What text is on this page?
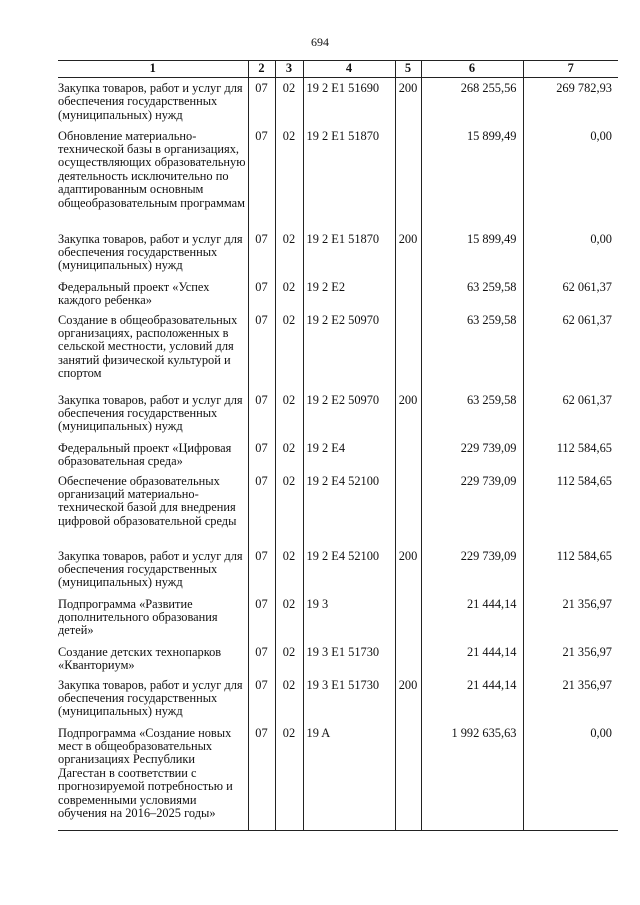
694
1	2	3	4	5	6	7
Закупка товаров, работ и услуг для обеспечения государственных (муниципальных) нужд	07	02	19 2 E1 51690	200	268 255,56	269 782,93
Обновление материально-технической базы в организациях, осуществляющих образовательную деятельность исключительно по адаптированным основным общеобразовательным программам	07	02	19 2 E1 51870		15 899,49	0,00
Закупка товаров, работ и услуг для обеспечения государственных (муниципальных) нужд	07	02	19 2 E1 51870	200	15 899,49	0,00
Федеральный проект «Успех каждого ребенка»	07	02	19 2 E2		63 259,58	62 061,37
Создание в общеобразовательных организациях, расположенных в сельской местности, условий для занятий физической культурой и спортом	07	02	19 2 E2 50970		63 259,58	62 061,37
Закупка товаров, работ и услуг для обеспечения государственных (муниципальных) нужд	07	02	19 2 E2 50970	200	63 259,58	62 061,37
Федеральный проект «Цифровая образовательная среда»	07	02	19 2 E4		229 739,09	112 584,65
Обеспечение образовательных организаций материально-технической базой для внедрения цифровой образовательной среды	07	02	19 2 E4 52100		229 739,09	112 584,65
Закупка товаров, работ и услуг для обеспечения государственных (муниципальных) нужд	07	02	19 2 E4 52100	200	229 739,09	112 584,65
Подпрограмма «Развитие дополнительного образования детей»	07	02	19 3		21 444,14	21 356,97
Создание детских технопарков «Кванториум»	07	02	19 3 E1 51730		21 444,14	21 356,97
Закупка товаров, работ и услуг для обеспечения государственных (муниципальных) нужд	07	02	19 3 E1 51730	200	21 444,14	21 356,97
Подпрограмма «Создание новых мест в общеобразовательных организациях Республики Дагестан в соответствии с прогнозируемой потребностью и современными условиями обучения на 2016–2025 годы»	07	02	19 A		1 992 635,63	0,00
